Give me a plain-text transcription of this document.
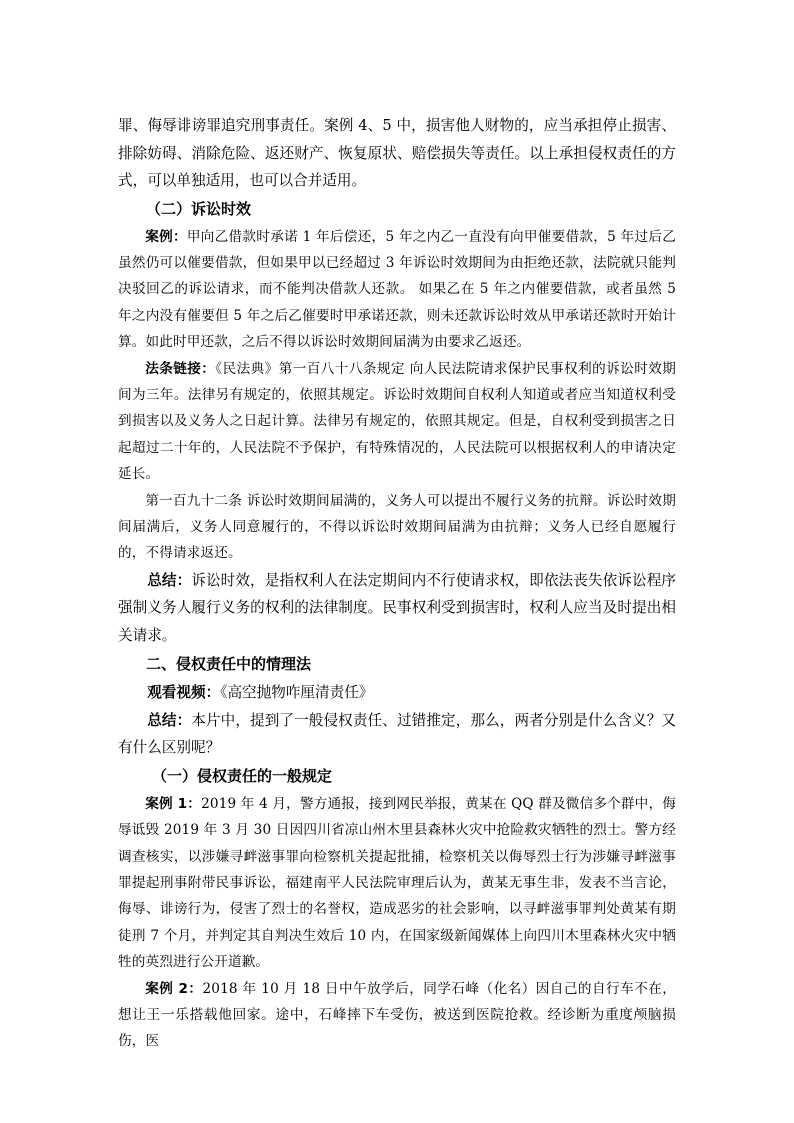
罪、侮辱诽谤罪追究刑事责任。案例 4、5 中，损害他人财物的，应当承担停止损害、排除妨碍、消除危险、返还财产、恢复原状、赔偿损失等责任。以上承担侵权责任的方式，可以单独适用，也可以合并适用。

（二）诉讼时效

案例：甲向乙借款时承诺 1 年后偿还，5 年之内乙一直没有向甲催要借款，5 年过后乙虽然仍可以催要借款，但如果甲以已经超过 3 年诉讼时效期间为由拒绝还款，法院就只能判决驳回乙的诉讼请求，而不能判决借款人还款。 如果乙在 5 年之内催要借款，或者虽然 5 年之内没有催要但 5 年之后乙催要时甲承诺还款，则未还款诉讼时效从甲承诺还款时开始计算。如此时甲还款，之后不得以诉讼时效期间届满为由要求乙返还。

法条链接：《民法典》第一百八十八条规定 向人民法院请求保护民事权利的诉讼时效期间为三年。法律另有规定的，依照其规定。诉讼时效期间自权利人知道或者应当知道权利受到损害以及义务人之日起计算。法律另有规定的，依照其规定。但是，自权利受到损害之日起超过二十年的，人民法院不予保护，有特殊情况的，人民法院可以根据权利人的申请决定延长。

第一百九十二条 诉讼时效期间届满的，义务人可以提出不履行义务的抗辩。诉讼时效期间届满后，义务人同意履行的，不得以诉讼时效期间届满为由抗辩；义务人已经自愿履行的，不得请求返还。

总结：诉讼时效，是指权利人在法定期间内不行使请求权，即依法丧失依诉讼程序强制义务人履行义务的权利的法律制度。民事权利受到损害时，权利人应当及时提出相关请求。

二、侵权责任中的情理法

观看视频：《高空抛物咋厘清责任》

总结：本片中，提到了一般侵权责任、过错推定，那么，两者分别是什么含义？又有什么区别呢？

（一）侵权责任的一般规定

案例 1：2019 年 4 月，警方通报，接到网民举报，黄某在 QQ 群及微信多个群中，侮辱诋毁 2019 年 3 月 30 日因四川省凉山州木里县森林火灾中抢险救灾牺牲的烈士。警方经调查核实，以涉嫌寻衅滋事罪向检察机关提起批捕，检察机关以侮辱烈士行为涉嫌寻衅滋事罪提起刑事附带民事诉讼，福建南平人民法院审理后认为，黄某无事生非，发表不当言论，侮辱、诽谤行为，侵害了烈士的名誉权，造成恶劣的社会影响，以寻衅滋事罪判处黄某有期徒刑 7 个月，并判定其自判决生效后 10 内，在国家级新闻媒体上向四川木里森林火灾中牺牲的英烈进行公开道歉。

案例 2：2018 年 10 月 18 日中午放学后，同学石峰（化名）因自己的自行车不在，想让王一乐搭载他回家。途中，石峰摔下车受伤，被送到医院抢救。经诊断为重度颅脑损伤，医
